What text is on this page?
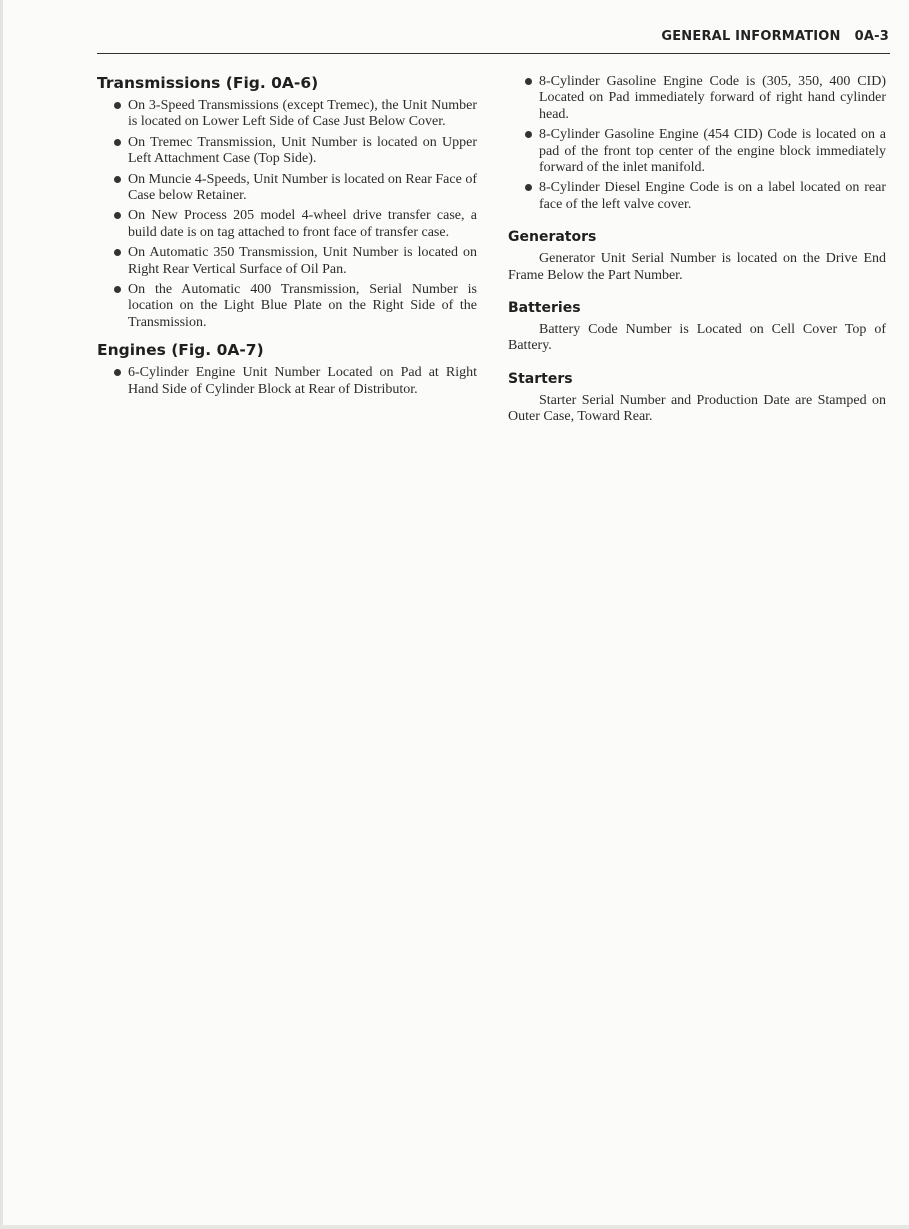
GENERAL INFORMATION 0A-3
Transmissions (Fig. 0A-6)
On 3-Speed Transmissions (except Tremec), the Unit Number is located on Lower Left Side of Case Just Below Cover.
On Tremec Transmission, Unit Number is located on Upper Left Attachment Case (Top Side).
On Muncie 4-Speeds, Unit Number is located on Rear Face of Case below Retainer.
On New Process 205 model 4-wheel drive transfer case, a build date is on tag attached to front face of transfer case.
On Automatic 350 Transmission, Unit Number is located on Right Rear Vertical Surface of Oil Pan.
On the Automatic 400 Transmission, Serial Number is location on the Light Blue Plate on the Right Side of the Transmission.
Engines (Fig. 0A-7)
6-Cylinder Engine Unit Number Located on Pad at Right Hand Side of Cylinder Block at Rear of Distributor.
8-Cylinder Gasoline Engine Code is (305, 350, 400 CID) Located on Pad immediately forward of right hand cylinder head.
8-Cylinder Gasoline Engine (454 CID) Code is located on a pad of the front top center of the engine block immediately forward of the inlet manifold.
8-Cylinder Diesel Engine Code is on a label located on rear face of the left valve cover.
Generators

Generator Unit Serial Number is located on the Drive End Frame Below the Part Number.

Batteries

Battery Code Number is Located on Cell Cover Top of Battery.

Starters

Starter Serial Number and Production Date are Stamped on Outer Case, Toward Rear.
